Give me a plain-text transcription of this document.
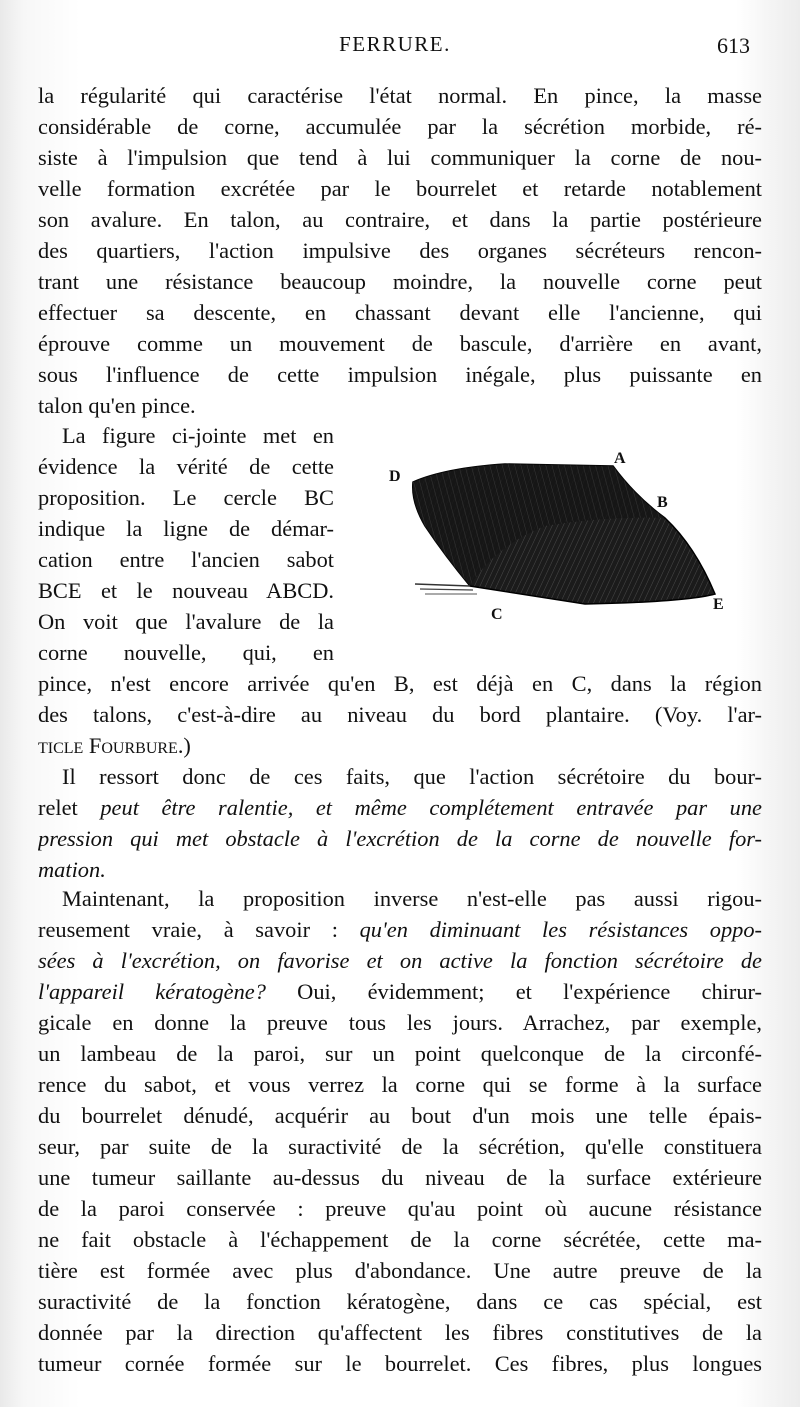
FERRURE.	613
la régularité qui caractérise l'état normal. En pince, la masse
considérable de corne, accumulée par la sécrétion morbide, ré-
siste à l'impulsion que tend à lui communiquer la corne de nou-
velle formation excrétée par le bourrelet et retarde notablement
son avalure. En talon, au contraire, et dans la partie postérieure
des quartiers, l'action impulsive des organes sécréteurs rencon-
trant une résistance beaucoup moindre, la nouvelle corne peut
effectuer sa descente, en chassant devant elle l'ancienne, qui
éprouve comme un mouvement de bascule, d'arrière en avant,
sous l'influence de cette impulsion inégale, plus puissante en
talon qu'en pince.
La figure ci-jointe met en
évidence la vérité de cette
proposition. Le cercle BC
indique la ligne de démar-
cation entre l'ancien sabot
BCE et le nouveau ABCD.
On voit que l'avalure de la
corne nouvelle, qui, en
D
A
B
C
E
pince, n'est encore arrivée qu'en B, est déjà en C, dans la région
des talons, c'est-à-dire au niveau du bord plantaire. (Voy. l'ar-
ticle Fourbure.)
Il ressort donc de ces faits, que l'action sécrétoire du bour-
relet peut être ralentie, et même complétement entravée par une
pression qui met obstacle à l'excrétion de la corne de nouvelle for-
mation.
Maintenant, la proposition inverse n'est-elle pas aussi rigou-
reusement vraie, à savoir : qu'en diminuant les résistances oppo-
sées à l'excrétion, on favorise et on active la fonction sécrétoire de
l'appareil kératogène? Oui, évidemment; et l'expérience chirur-
gicale en donne la preuve tous les jours. Arrachez, par exemple,
un lambeau de la paroi, sur un point quelconque de la circonfé-
rence du sabot, et vous verrez la corne qui se forme à la surface
du bourrelet dénudé, acquérir au bout d'un mois une telle épais-
seur, par suite de la suractivité de la sécrétion, qu'elle constituera
une tumeur saillante au-dessus du niveau de la surface extérieure
de la paroi conservée : preuve qu'au point où aucune résistance
ne fait obstacle à l'échappement de la corne sécrétée, cette ma-
tière est formée avec plus d'abondance. Une autre preuve de la
suractivité de la fonction kératogène, dans ce cas spécial, est
donnée par la direction qu'affectent les fibres constitutives de la
tumeur cornée formée sur le bourrelet. Ces fibres, plus longues
